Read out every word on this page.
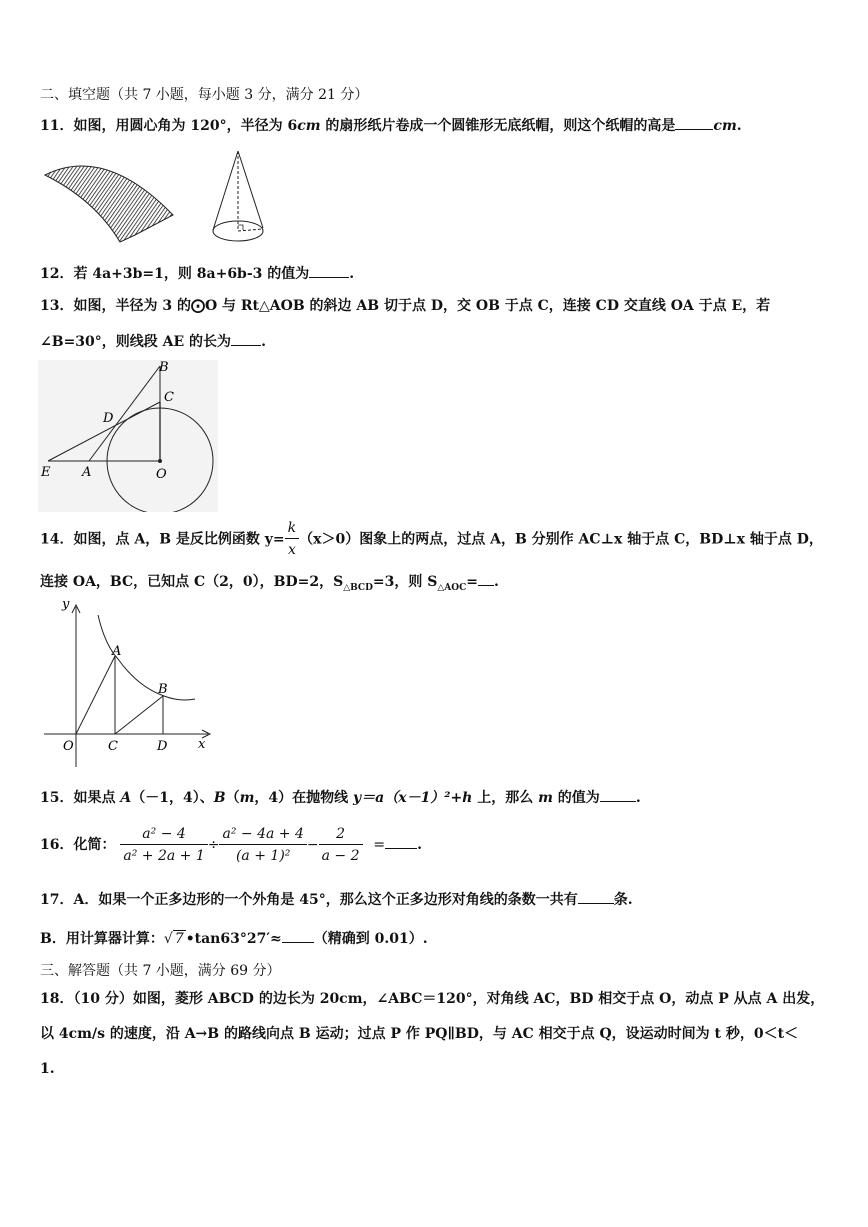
二、填空题（共 7 小题，每小题 3 分，满分 21 分）
11．如图，用圆心角为 120°，半径为 6cm 的扇形纸片卷成一个圆锥形无底纸帽，则这个纸帽的高是	cm.
12．若 4a+3b=1，则 8a+6b-3 的值为	.
13．如图，半径为 3 的⨀O 与 Rt△AOB 的斜边 AB 切于点 D，交 OB 于点 C，连接 CD 交直线 OA 于点 E，若
∠B=30°，则线段 AE 的长为 .
B
C
D
E A	O
14．如图，点 A，B 是反比例函数 $y= \frac{k}{x} (x>0)$图象上的两点，过点 A，B 分别作 AC⊥x 轴于点 C，BD⊥x 轴于点 D，
连接 OA，BC，已知点 C（2，0），BD=2，$S_{\triangle BCD}=3$，则 $S_{\triangle AOC}=$ .
y
A
B
O	C	D x
15．如果点 A（－1，4）、B（m，4）在抛物线 y＝a（x－1）²+h 上，那么 m 的值为	.
16．化简： $\frac{\text{a² − 4}}{\text{a² + 2a + 1}} \div \frac{\text{a² − 4a + 4}}{\text{(a + 1)²}} - \frac{2}{a - 2}$ = .
17．A．如果一个正多边形的一个外角是 45°，那么这个正多边形对角线的条数一共有	条.
B．用计算器计算：√ 7 •tan63°27′≈ （精确到 0.01）.
三、解答题（共 7 小题，满分 69 分）
18．（10 分）如图，菱形 ABCD 的边长为 20cm，∠ABC＝120°，对角线 AC，BD 相交于点 O，动点 P 从点 A 出发，
以 4cm/s 的速度，沿 A→B 的路线向点 B 运动；过点 P 作 PQ∥BD，与 AC 相交于点 Q，设运动时间为 t 秒，0＜t＜
1.
